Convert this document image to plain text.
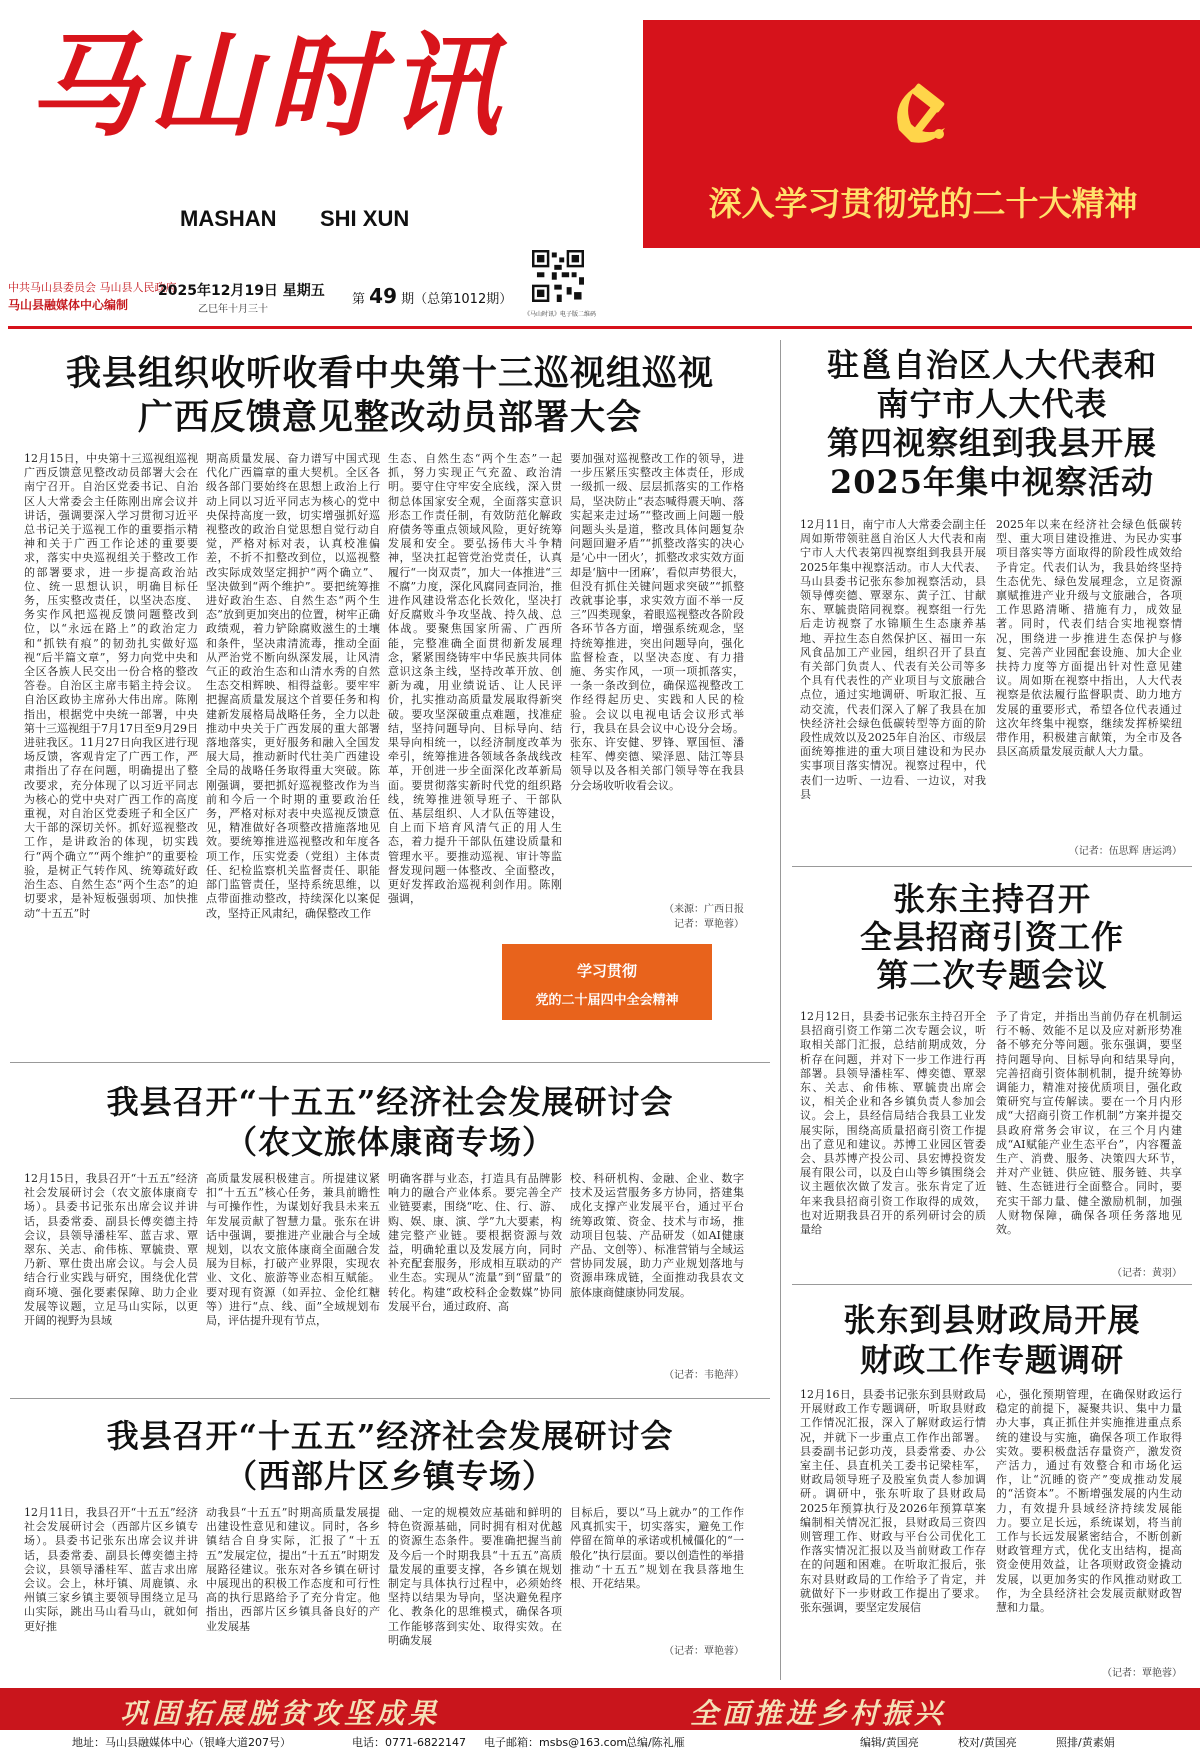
马山时讯
MASHAN SHI XUN	深入学习贯彻党的二十大精神
中共马山县委员会 马山县人民政府
马山县融媒体中心编制
2025年12月19日 星期五
乙巳年十月三十
第 49 期（总第1012期）
《马山时讯》电子版二维码
我县组织收听收看中央第十三巡视组巡视
广西反馈意见整改动员部署大会
12月15日，中央第十三巡视组巡视广西反馈意见整改动员部署大会在南宁召开。自治区党委书记、自治区人大常委会主任陈刚出席会议并讲话，强调要深入学习贯彻习近平总书记关于巡视工作的重要指示精神和关于广西工作论述的重要要求，落实中央巡视组关于整改工作的部署要求，进一步提高政治站位、统一思想认识，明确目标任务，压实整改责任，以坚决态度、务实作风把巡视反馈问题整改到位，以“永远在路上”的政治定力和“抓铁有痕”的韧劲扎实做好巡视“后半篇文章”，努力向党中央和全区各族人民交出一份合格的整改答卷。自治区主席韦韬主持会议。自治区政协主席孙大伟出席。陈刚指出，根据党中央统一部署，中央第十三巡视组于7月17日至9月29日进驻我区。11月27日向我区进行现场反馈，客观肯定了广西工作，严肃指出了存在问题，明确提出了整改要求，充分体现了以习近平同志为核心的党中央对广西工作的高度重视，对自治区党委班子和全区广大干部的深切关怀。抓好巡视整改工作，是讲政治的体现，切实践行“两个确立”“两个维护”的重要检验，是树正气转作风、统筹疏好政治生态、自然生态“两个生态”的迫切要求，是补短板强弱项、加快推动“十五五”时
期高质量发展、奋力谱写中国式现代化广西篇章的重大契机。全区各级各部门要始终在思想上政治上行动上同以习近平同志为核心的党中央保持高度一致，切实增强抓好巡视整改的政治自觉思想自觉行动自觉，严格对标对表，认真校准偏差，不折不扣整改到位，以巡视整改实际成效坚定拥护“两个确立”、坚决做到“两个维护”。要把统筹推进好政治生态、自然生态“两个生态”放到更加突出的位置，树牢正确政绩观，着力铲除腐败滋生的土壤和条件，坚决肃清流毒，推动全面从严治党不断向纵深发展，让风清气正的政治生态和山清水秀的自然生态交相辉映、相得益彰。要牢牢把握高质量发展这个首要任务和构建新发展格局战略任务，全力以赴推动中央关于广西发展的重大部署落地落实，更好服务和融入全国发展大局，推动新时代壮美广西建设全局的战略任务取得重大突破。陈刚强调，要把抓好巡视整改作为当前和今后一个时期的重要政治任务，严格对标对表中央巡视反馈意见，精准做好各项整改措施落地见效。要统筹推进巡视整改和年度各项工作，压实党委（党组）主体责任、纪检监察机关监督责任、职能部门监管责任，坚持系统思维，以点带面推动整改，持续深化以案促改，坚持正风肃纪，确保整改工作
生态、自然生态“两个生态”一起抓，努力实现正气充盈、政治清明。要守住守牢安全底线，深入贯彻总体国家安全观，全面落实意识形态工作责任制，有效防范化解政府债务等重点领域风险，更好统筹发展和安全。要弘扬伟大斗争精神，坚决扛起管党治党责任，认真履行“一岗双责”，加大一体推进“三不腐”力度，深化风腐同查同治，推进作风建设常态化长效化，坚决打好反腐败斗争攻坚战、持久战、总体战。要聚焦国家所需、广西所能，完整准确全面贯彻新发展理念，紧紧围绕铸牢中华民族共同体意识这条主线，坚持改革开放、创新为魂，用业绩说话、让人民评价，扎实推动高质量发展取得新突破。要攻坚深破重点难题，找准症结，坚持问题导向、目标导向、结果导向相统一，以经济制度改革为牵引，统筹推进各领域各条战线改革，开创进一步全面深化改革新局面。要贯彻落实新时代党的组织路线，统筹推进领导班子、干部队伍、基层组织、人才队伍等建设，自上而下培育风清气正的用人生态，着力提升干部队伍建设质量和管理水平。要推动巡视、审计等监督发现问题一体整改、全面整改，更好发挥政治巡视利剑作用。陈刚强调，
要加强对巡视整改工作的领导，进一步压紧压实整改主体责任，形成一级抓一级、层层抓落实的工作格局，坚决防止“表态喊得震天响、落实起来走过场”“整改画上问题一般问题头头是道，整改具体问题复杂问题回避矛盾”“抓整改落实的决心是‘心中一团火’，抓整改求实效方面却是‘脑中一团麻’，看似声势很大，但没有抓住关键问题求突破”“抓整改就事论事，求实效方面不举一反三”四类现象，着眼巡视整改各阶段各环节各方面，增强系统观念，坚持统筹推进，突出问题导向，强化监督检查，以坚决态度、有力措施、务实作风，一项一项抓落实，一条一条改到位，确保巡视整改工作经得起历史、实践和人民的检验。会议以电视电话会议形式举行，我县在县会议中心设分会场。张东、许安健、罗锋、覃国恒、潘桂军、傅奕德、梁泽恩、陆江等县领导以及各相关部门领导等在我县分会场收听收看会议。
（来源：广西日报
记者：覃艳蓉）
学习贯彻
党的二十届四中全会精神
驻邕自治区人大代表和
南宁市人大代表
第四视察组到我县开展
2025年集中视察活动
12月11日，南宁市人大常委会副主任周如斯带领驻邕自治区人大代表和南宁市人大代表第四视察组到我县开展2025年集中视察活动。市人大代表、马山县委书记张东参加视察活动，县领导傅奕德、覃翠东、黄子江、甘献东、覃毓贵陪同视察。视察组一行先后走访视察了水锦顺生生态康养基地、弄拉生态自然保护区、福田一东风食品加工产业园，组织召开了县直有关部门负责人、代表有关公司等多个具有代表性的产业项目与文旅融合点位，通过实地调研、听取汇报、互动交流，代表们深入了解了我县在加快经济社会绿色低碳转型等方面的阶段性成效以及2025年自治区、市级层面统筹推进的重大项目建设和为民办实事项目落实情况。视察过程中，代表们一边听、一边看、一边议，对我县
2025年以来在经济社会绿色低碳转型、重大项目建设推进、为民办实事项目落实等方面取得的阶段性成效给予肯定。代表们认为，我县始终坚持生态优先、绿色发展理念，立足资源禀赋推进产业升级与文旅融合，各项工作思路清晰、措施有力，成效显著。同时，代表们结合实地视察情况，围绕进一步推进生态保护与修复、完善产业园配套设施、加大企业扶持力度等方面提出针对性意见建议。周如斯在视察中指出，人大代表视察是依法履行监督职责、助力地方发展的重要形式，希望各位代表通过这次年终集中视察，继续发挥桥梁纽带作用，积极建言献策，为全市及各县区高质量发展贡献人大力量。
（记者：伍思辉 唐运鸿）
张东主持召开
全县招商引资工作
第二次专题会议
12月12日，县委书记张东主持召开全县招商引资工作第二次专题会议，听取相关部门汇报，总结前期成效，分析存在问题，并对下一步工作进行再部署。县领导潘桂军、傅奕德、覃翠东、关志、俞伟栋、覃毓贵出席会议，相关企业和各乡镇负责人参加会议。会上，县经信局结合我县工业发展实际，围绕高质量招商引资工作提出了意见和建议。苏博工业园区管委会、县苏博产投公司、县宏博投资发展有限公司，以及白山等乡镇围绕会议主题依次做了发言。张东肯定了近年来我县招商引资工作取得的成效，也对近期我县召开的系列研讨会的质量给
予了肯定，并指出当前仍存在机制运行不畅、效能不足以及应对新形势准备不够充分等问题。张东强调，要坚持问题导向、目标导向和结果导向，完善招商引资体制机制，提升统筹协调能力，精准对接优质项目，强化政策研究与宣传解读。要在一个月内形成“大招商引资工作机制”方案并提交县政府常务会审议，在三个月内建成“AI赋能产业生态平台”，内容覆盖生产、消费、服务、决策四大环节，并对产业链、供应链、服务链、共享链、生态链进行全面整合。同时，要充实干部力量、健全激励机制，加强人财物保障，确保各项任务落地见效。
（记者：黄羽）
我县召开“十五五”经济社会发展研讨会
（农文旅体康商专场）
12月15日，我县召开“十五五”经济社会发展研讨会（农文旅体康商专场）。县委书记张东出席会议并讲话，县委常委、副县长傅奕德主持会议，县领导潘桂军、蓝吉求、覃翠东、关志、俞伟栋、覃毓贵、覃乃新、覃仕贵出席会议。与会人员结合行业实践与研究，围绕优化营商环境、强化要素保障、助力企业发展等议题，立足马山实际，以更开阔的视野为县域
高质量发展积极建言。所提建议紧扣“十五五”核心任务，兼具前瞻性与可操作性，为谋划好我县未来五年发展贡献了智慧力量。张东在讲话中强调，要推进产业融合与全域规划，以农文旅体康商全面融合发展为目标，打破产业界限，实现农业、文化、旅游等业态相互赋能。要对现有资源（如弄拉、金伦红糖等）进行“点、线、面”全域规划布局，评估提升现有节点，
明确客群与业态，打造具有品牌影响力的融合产业体系。要完善全产业链要素，围绕“吃、住、行、游、购、娱、康、演、学”九大要素，构建完整产业链。要根据资源与效益，明确轮重以及发展方向，同时补充配套服务，形成相互联动的产业生态。实现从“流量”到“留量”的转化。构建“政校科企金数媒”协同发展平台，通过政府、高
校、科研机构、金融、企业、数字技术及运营服务多方协同，搭建集成化支撑产业发展平台，通过平台统筹政策、资金、技术与市场，推动项目包装、产品研发（如AI健康产品、文创等）、标准营销与全域运营协同发展，助力产业规划落地与资源串珠成链，全面推动我县农文旅体康商健康协同发展。
（记者：韦艳萍）
我县召开“十五五”经济社会发展研讨会
（西部片区乡镇专场）
12月11日，我县召开“十五五”经济社会发展研讨会（西部片区乡镇专场）。县委书记张东出席会议并讲话，县委常委、副县长傅奕德主持会议，县领导潘桂军、蓝吉求出席会议。会上，林圩镇、周鹿镇、永州镇三家乡镇主要领导围绕立足马山实际，跳出马山看马山，就如何更好推
动我县“十五五”时期高质量发展提出建设性意见和建议。同时，各乡镇结合自身实际，汇报了“十五五”发展定位，提出“十五五”时期发展路径建议。张东对各乡镇在研讨中展现出的积极工作态度和可行性高的执行思路给予了充分肯定。他指出，西部片区乡镇具备良好的产业发展基
础、一定的规模效应基础和鲜明的特色资源基础，同时拥有相对优越的资源生态条件。要准确把握当前及今后一个时期我县“十五五”高质量发展的重要支撑，各乡镇在规划制定与具体执行过程中，必须始终坚持以结果为导向，坚决避免程序化、教条化的思维模式，确保各项工作能够落到实处、取得实效。在明确发展
目标后，要以“马上就办”的工作作风真抓实干，切实落实，避免工作停留在简单的承诺或机械僵化的“一般化”执行层面。要以创造性的举措推动“十五五”规划在我县落地生根、开花结果。
（记者：覃艳蓉）
张东到县财政局开展
财政工作专题调研
12月16日，县委书记张东到县财政局开展财政工作专题调研，听取县财政工作情况汇报，深入了解财政运行情况，并就下一步重点工作作出部署。县委副书记彭功茂，县委常委、办公室主任、县直机关工委书记梁桂军，财政局领导班子及股室负责人参加调研。调研中，张东听取了县财政局2025年预算执行及2026年预算草案编制相关情况汇报，县财政局三资四则管理工作、财政与平台公司优化工作落实情况汇报以及当前财政工作存在的问题和困难。在听取汇报后，张东对县财政局的工作给予了肯定，并就做好下一步财政工作提出了要求。张东强调，要坚定发展信
心，强化预期管理，在确保财政运行稳定的前提下，凝聚共识、集中力量办大事，真正抓住并实施推进重点系统的建设与实施，确保各项工作取得实效。要积极盘活存量资产，激发资产活力，通过有效整合和市场化运作，让“沉睡的资产”变成推动发展的“活资本”。不断增强发展的内生动力，有效提升县域经济持续发展能力。要立足长远，系统谋划，将当前工作与长远发展紧密结合，不断创新财政管理方式，优化支出结构，提高资金使用效益，让各项财政资金撬动发展，以更加务实的作风推动财政工作，为全县经济社会发展贡献财政智慧和力量。
（记者：覃艳蓉）
巩固拓展脱贫攻坚成果	全面推进乡村振兴
地址：马山县融媒体中心（银峰大道207号）	电话：0771-6822147 电子邮箱：msbs@163.com
总编/陈礼雁	编辑/黄国亮	校对/黄国亮	照排/黄素娟
